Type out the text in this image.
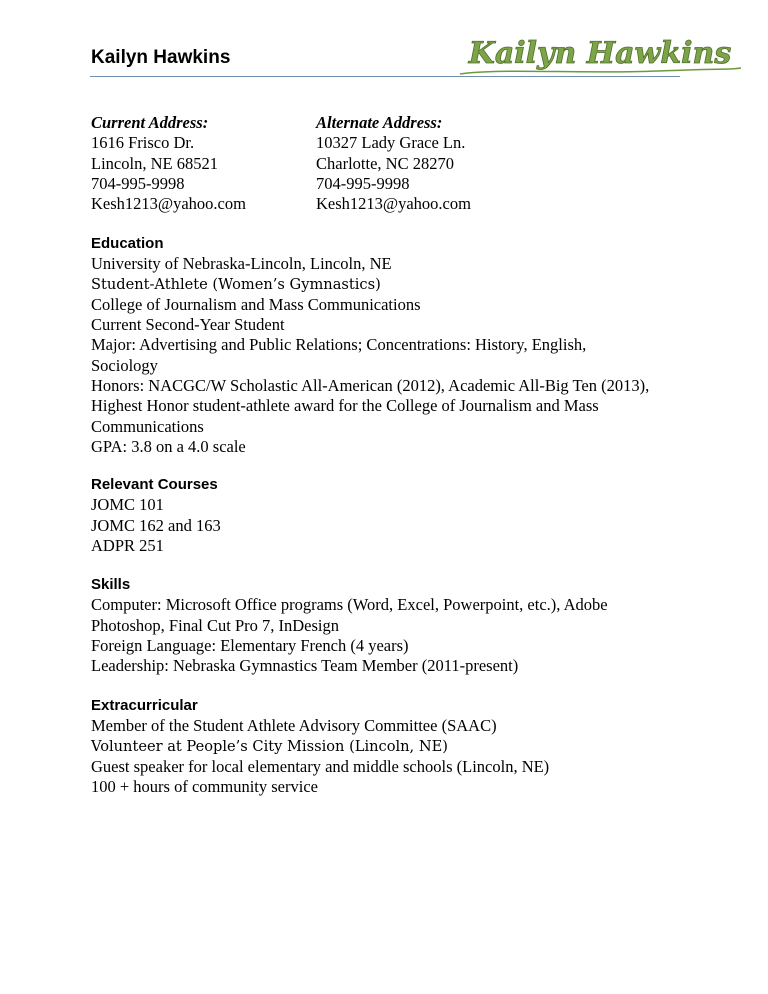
Kailyn Hawkins	Kailyn Hawkins
Current Address:
1616 Frisco Dr.
Lincoln, NE 68521
704-995-9998
Kesh1213@yahoo.com
Alternate Address:
10327 Lady Grace Ln.
Charlotte, NC 28270
704-995-9998
Kesh1213@yahoo.com
Education
University of Nebraska-Lincoln, Lincoln, NE
Student-Athlete (Women’s Gymnastics)
College of Journalism and Mass Communications
Current Second-Year Student
Major: Advertising and Public Relations; Concentrations: History, English, Sociology
Honors: NACGC/W Scholastic All-American (2012), Academic All-Big Ten (2013), Highest Honor student-athlete award for the College of Journalism and Mass Communications
GPA: 3.8 on a 4.0 scale
Relevant Courses
JOMC 101
JOMC 162 and 163
ADPR 251
Skills
Computer: Microsoft Office programs (Word, Excel, Powerpoint, etc.), Adobe Photoshop, Final Cut Pro 7, InDesign
Foreign Language: Elementary French (4 years)
Leadership: Nebraska Gymnastics Team Member (2011-present)
Extracurricular
Member of the Student Athlete Advisory Committee (SAAC)
Volunteer at People’s City Mission (Lincoln, NE)
Guest speaker for local elementary and middle schools (Lincoln, NE)
100 + hours of community service
